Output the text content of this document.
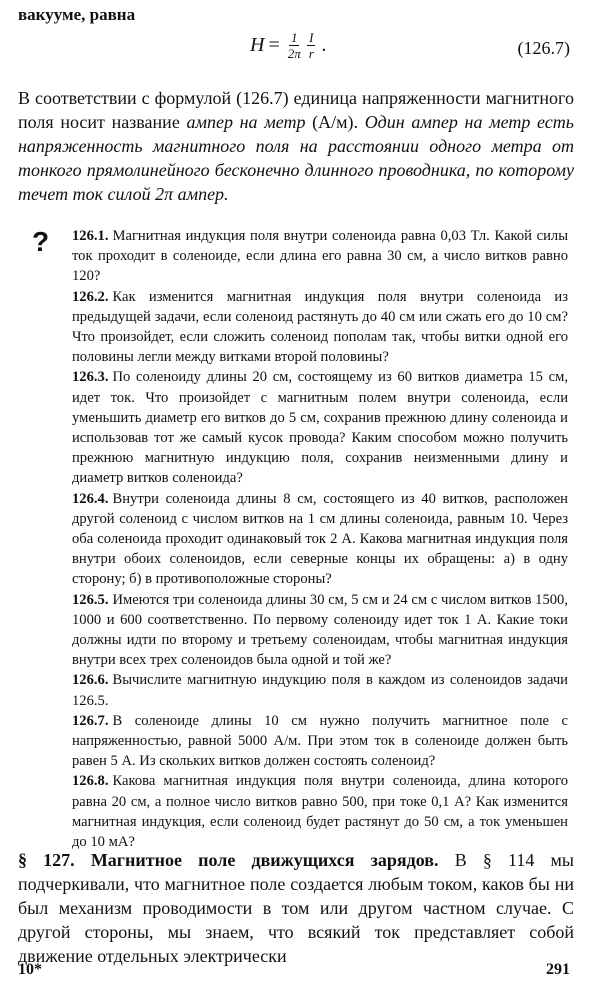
вакууме, равна
$H = \frac{1}{2\pi} \frac{I}{r}$ .	(126.7)

В соответствии с формулой (126.7) единица напряженности магнитного поля носит название ампер на метр (А/м). Один ампер на метр есть напряженность магнитного поля на расстоянии одного метра от тонкого прямолинейного бесконечно длинного проводника, по которому течет ток силой 2π ампер.

? 126.1. Магнитная индукция поля внутри соленоида равна 0,03 Тл. Какой силы ток проходит в соленоиде, если длина его равна 30 см, а число витков равно 120?

126.2. Как изменится магнитная индукция поля внутри соленоида из предыдущей задачи, если соленоид растянуть до 40 см или сжать его до 10 см? Что произойдет, если сложить соленоид пополам так, чтобы витки одной его половины легли между витками второй половины?

126.3. По соленоиду длины 20 см, состоящему из 60 витков диаметра 15 см, идет ток. Что произойдет с магнитным полем внутри соленоида, если уменьшить диаметр его витков до 5 см, сохранив прежнюю длину соленоида и использовав тот же самый кусок провода? Каким способом можно получить прежнюю магнитную индукцию поля, сохранив неизменными длину и диаметр витков соленоида?

126.4. Внутри соленоида длины 8 см, состоящего из 40 витков, расположен другой соленоид с числом витков на 1 см длины соленоида, равным 10. Через оба соленоида проходит одинаковый ток 2 А. Какова магнитная индукция поля внутри обоих соленоидов, если северные концы их обращены: а) в одну сторону; б) в противоположные стороны?

126.5. Имеются три соленоида длины 30 см, 5 см и 24 см с числом витков 1500, 1000 и 600 соответственно. По первому соленоиду идет ток 1 А. Какие токи должны идти по второму и третьему соленоидам, чтобы магнитная индукция внутри всех трех соленоидов была одной и той же?

126.6. Вычислите магнитную индукцию поля в каждом из соленоидов задачи 126.5.

126.7. В соленоиде длины 10 см нужно получить магнитное поле с напряженностью, равной 5000 А/м. При этом ток в соленоиде должен быть равен 5 А. Из скольких витков должен состоять соленоид?

126.8. Какова магнитная индукция поля внутри соленоида, длина которого равна 20 см, а полное число витков равно 500, при токе 0,1 А? Как изменится магнитная индукция, если соленоид будет растянут до 50 см, а ток уменьшен до 10 мА?

§ 127. Магнитное поле движущихся зарядов. В § 114 мы подчеркивали, что магнитное поле создается любым током, каков бы ни был механизм проводимости в том или другом частном случае. С другой стороны, мы знаем, что всякий ток представляет собой движение отдельных электрически
10*	291
